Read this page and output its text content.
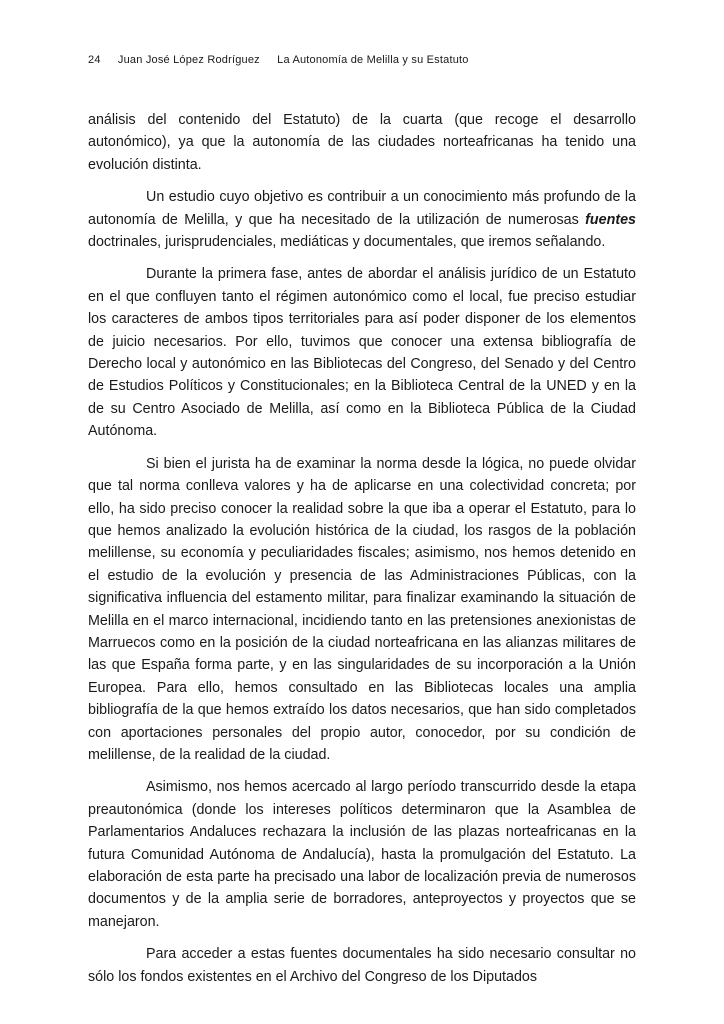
24 Juan José López Rodríguez La Autonomía de Melilla y su Estatuto

análisis del contenido del Estatuto) de la cuarta (que recoge el desarrollo autonómico), ya que la autonomía de las ciudades norteafricanas ha tenido una evolución distinta.

Un estudio cuyo objetivo es contribuir a un conocimiento más profundo de la autonomía de Melilla, y que ha necesitado de la utilización de numerosas fuentes doctrinales, jurisprudenciales, mediáticas y documentales, que iremos señalando.

Durante la primera fase, antes de abordar el análisis jurídico de un Estatuto en el que confluyen tanto el régimen autonómico como el local, fue preciso estudiar los caracteres de ambos tipos territoriales para así poder disponer de los elementos de juicio necesarios. Por ello, tuvimos que conocer una extensa bibliografía de Derecho local y autonómico en las Bibliotecas del Congreso, del Senado y del Centro de Estudios Políticos y Constitucionales; en la Biblioteca Central de la UNED y en la de su Centro Asociado de Melilla, así como en la Biblioteca Pública de la Ciudad Autónoma.

Si bien el jurista ha de examinar la norma desde la lógica, no puede olvidar que tal norma conlleva valores y ha de aplicarse en una colectividad concreta; por ello, ha sido preciso conocer la realidad sobre la que iba a operar el Estatuto, para lo que hemos analizado la evolución histórica de la ciudad, los rasgos de la población melillense, su economía y peculiaridades fiscales; asimismo, nos hemos detenido en el estudio de la evolución y presencia de las Administraciones Públicas, con la significativa influencia del estamento militar, para finalizar examinando la situación de Melilla en el marco internacional, incidiendo tanto en las pretensiones anexionistas de Marruecos como en la posición de la ciudad norteafricana en las alianzas militares de las que España forma parte, y en las singularidades de su incorporación a la Unión Europea. Para ello, hemos consultado en las Bibliotecas locales una amplia bibliografía de la que hemos extraído los datos necesarios, que han sido completados con aportaciones personales del propio autor, conocedor, por su condición de melillense, de la realidad de la ciudad.

Asimismo, nos hemos acercado al largo período transcurrido desde la etapa preautonómica (donde los intereses políticos determinaron que la Asamblea de Parlamentarios Andaluces rechazara la inclusión de las plazas norteafricanas en la futura Comunidad Autónoma de Andalucía), hasta la promulgación del Estatuto. La elaboración de esta parte ha precisado una labor de localización previa de numerosos documentos y de la amplia serie de borradores, anteproyectos y proyectos que se manejaron.

Para acceder a estas fuentes documentales ha sido necesario consultar no sólo los fondos existentes en el Archivo del Congreso de los Diputados
